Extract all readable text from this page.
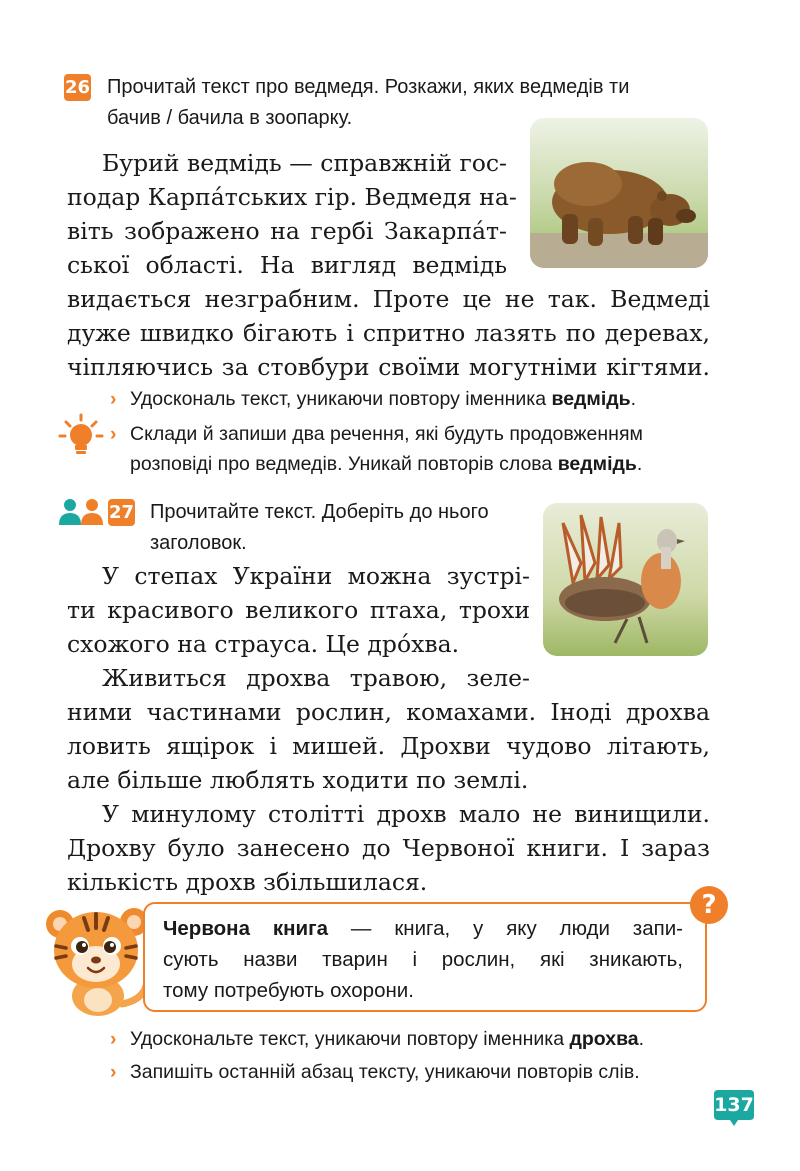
26 Прочитай текст про ведмедя. Розкажи, яких ведмедів ти
бачив / бачила в зоопарку.
Бурий ведмідь — справжній гос-
подар Карпáтських гір. Ведмедя на-
віть зображено на гербі Закарпáт-
ської області. На вигляд ведмідь
видається незграбним. Проте це не так. Ведмеді
дуже швидко бігають і спритно лазять по деревах,
чіпляючись за стовбури своїми могутніми кігтями.
› Удоскональ текст, уникаючи повтору іменника ведмідь.
› Склади й запиши два речення, які будуть продовженням
розповіді про ведмедів. Уникай повторів слова ведмідь.
27 Прочитайте текст. Доберіть до нього
заголовок.
У степах України можна зустрі-
ти красивого великого птаха, трохи
схожого на страуса. Це дрóхва.
Живиться дрохва травою, зеле-
ними частинами рослин, комахами. Іноді дрохва
ловить ящірок і мишей. Дрохви чудово літають,
але більше люблять ходити по землі.
У минулому столітті дрохв мало не винищили.
Дрохву було занесено до Червоної книги. І зараз
кількість дрохв збільшилася.
?
Червона книга — книга, у яку люди запи-
сують назви тварин і рослин, які зникають,
тому потребують охорони.
› Удоскональте текст, уникаючи повтору іменника дрохва.
› Запишіть останній абзац тексту, уникаючи повторів слів.
137
